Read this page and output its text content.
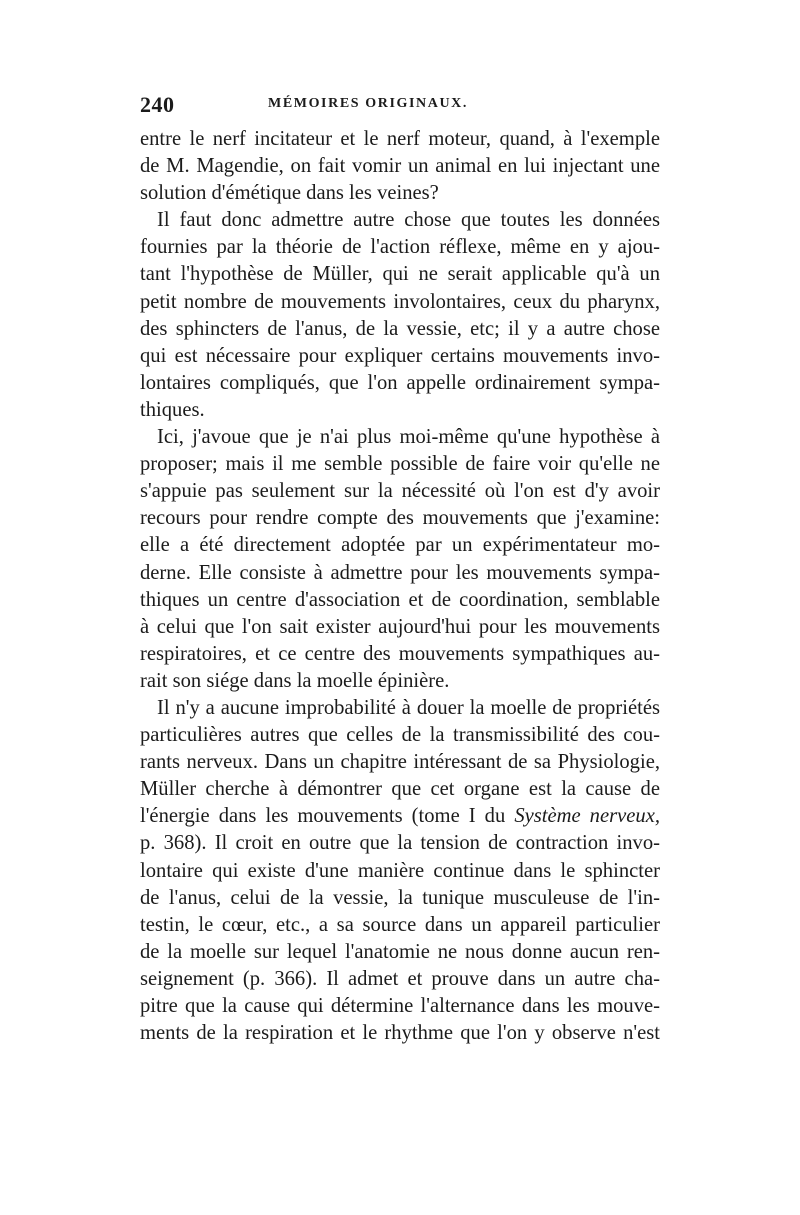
240	MÉMOIRES ORIGINAUX.
entre le nerf incitateur et le nerf moteur, quand, à l'exemple
de M. Magendie, on fait vomir un animal en lui injectant une
solution d'émétique dans les veines?
Il faut donc admettre autre chose que toutes les données
fournies par la théorie de l'action réflexe, même en y ajou-
tant l'hypothèse de Müller, qui ne serait applicable qu'à un
petit nombre de mouvements involontaires, ceux du pharynx,
des sphincters de l'anus, de la vessie, etc; il y a autre chose
qui est nécessaire pour expliquer certains mouvements invo-
lontaires compliqués, que l'on appelle ordinairement sympa-
thiques.
Ici, j'avoue que je n'ai plus moi-même qu'une hypothèse à
proposer; mais il me semble possible de faire voir qu'elle ne
s'appuie pas seulement sur la nécessité où l'on est d'y avoir
recours pour rendre compte des mouvements que j'examine:
elle a été directement adoptée par un expérimentateur mo-
derne. Elle consiste à admettre pour les mouvements sympa-
thiques un centre d'association et de coordination, semblable
à celui que l'on sait exister aujourd'hui pour les mouvements
respiratoires, et ce centre des mouvements sympathiques au-
rait son siége dans la moelle épinière.
Il n'y a aucune improbabilité à douer la moelle de propriétés
particulières autres que celles de la transmissibilité des cou-
rants nerveux. Dans un chapitre intéressant de sa Physiologie,
Müller cherche à démontrer que cet organe est la cause de
l'énergie dans les mouvements (tome I du Système nerveux,
p. 368). Il croit en outre que la tension de contraction invo-
lontaire qui existe d'une manière continue dans le sphincter
de l'anus, celui de la vessie, la tunique musculeuse de l'in-
testin, le cœur, etc., a sa source dans un appareil particulier
de la moelle sur lequel l'anatomie ne nous donne aucun ren-
seignement (p. 366). Il admet et prouve dans un autre cha-
pitre que la cause qui détermine l'alternance dans les mouve-
ments de la respiration et le rhythme que l'on y observe n'est
